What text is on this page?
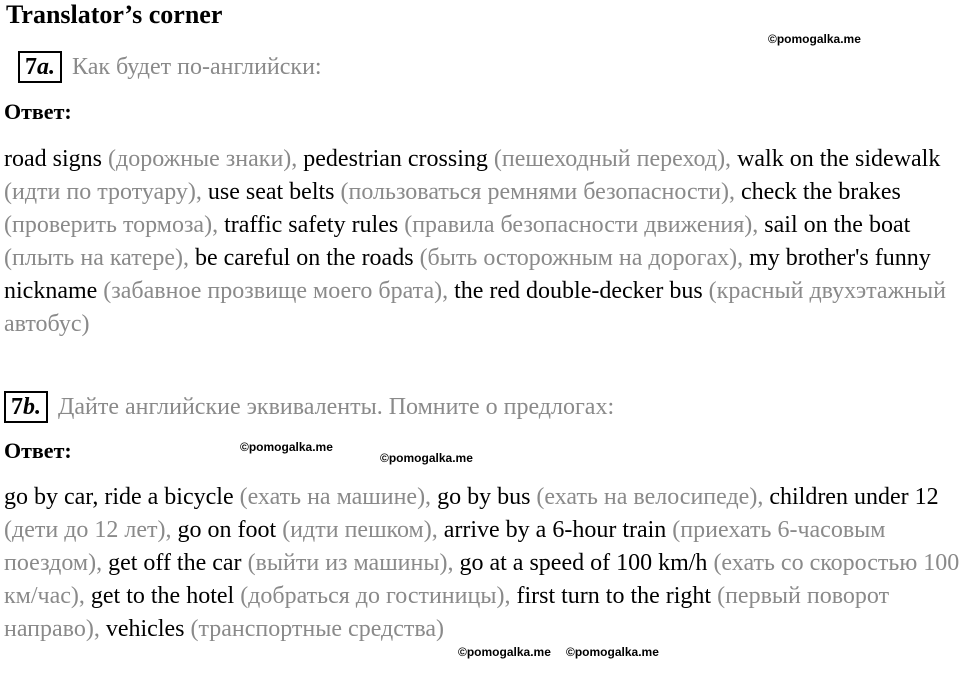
Translator’s corner
©pomogalka.me
7a. Как будет по-английски:
Ответ:
road signs (дорожные знаки), pedestrian crossing (пешеходный переход), walk on the sidewalk (идти по тротуару), use seat belts (пользоваться ремнями безопасности), check the brakes (проверить тормоза), traffic safety rules (правила безопасности движения), sail on the boat (плыть на катере), be careful on the roads (быть осторожным на дорогах), my brother's funny nickname (забавное прозвище моего брата), the red double-decker bus (красный двухэтажный автобус)
7b. Дайте английские эквиваленты. Помните о предлогах:
Ответ:	©pomogalka.me
©pomogalka.me
go by car, ride a bicycle (ехать на машине), go by bus (ехать на велосипеде), children under 12 (дети до 12 лет), go on foot (идти пешком), arrive by a 6-hour train (приехать 6-часовым поездом), get off the car (выйти из машины), go at a speed of 100 km/h (ехать со скоростью 100 км/час), get to the hotel (добраться до гостиницы), first turn to the right (первый поворот направо), vehicles (транспортные средства)
©pomogalka.me ©pomogalka.me
